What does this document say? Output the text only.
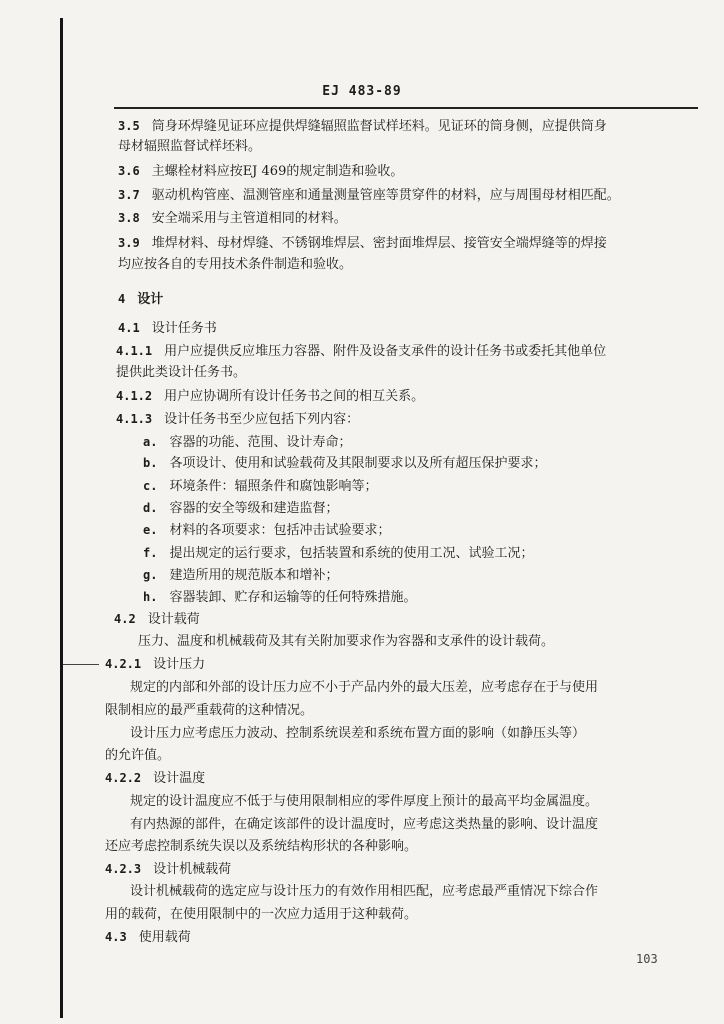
EJ 483-89
3.5 筒身环焊缝见证环应提供焊缝辐照监督试样坯料。见证环的筒身侧，应提供筒身
母材辐照监督试样坯料。
3.6 主螺栓材料应按EJ 469的规定制造和验收。
3.7 驱动机构管座、温测管座和通量测量管座等贯穿件的材料，应与周围母材相匹配。
3.8 安全端采用与主管道相同的材料。
3.9 堆焊材料、母材焊缝、不锈钢堆焊层、密封面堆焊层、接管安全端焊缝等的焊接
均应按各自的专用技术条件制造和验收。
4 设计
4.1 设计任务书
4.1.1 用户应提供反应堆压力容器、附件及设备支承件的设计任务书或委托其他单位
提供此类设计任务书。
4.1.2 用户应协调所有设计任务书之间的相互关系。
4.1.3 设计任务书至少应包括下列内容：
a. 容器的功能、范围、设计寿命；
b. 各项设计、使用和试验载荷及其限制要求以及所有超压保护要求；
c. 环境条件：辐照条件和腐蚀影响等；
d. 容器的安全等级和建造监督；
e. 材料的各项要求：包括冲击试验要求；
f. 提出规定的运行要求，包括装置和系统的使用工况、试验工况；
g. 建造所用的规范版本和增补；
h. 容器装卸、贮存和运输等的任何特殊措施。
4.2 设计载荷
压力、温度和机械载荷及其有关附加要求作为容器和支承件的设计载荷。
4.2.1 设计压力
规定的内部和外部的设计压力应不小于产品内外的最大压差，应考虑存在于与使用
限制相应的最严重载荷的这种情况。
设计压力应考虑压力波动、控制系统误差和系统布置方面的影响（如静压头等）
的允许值。
4.2.2 设计温度
规定的设计温度应不低于与使用限制相应的零件厚度上预计的最高平均金属温度。
有内热源的部件，在确定该部件的设计温度时，应考虑这类热量的影响、设计温度
还应考虑控制系统失误以及系统结构形状的各种影响。
4.2.3 设计机械载荷
设计机械载荷的选定应与设计压力的有效作用相匹配，应考虑最严重情况下综合作
用的载荷，在使用限制中的一次应力适用于这种载荷。
4.3 使用载荷
103
